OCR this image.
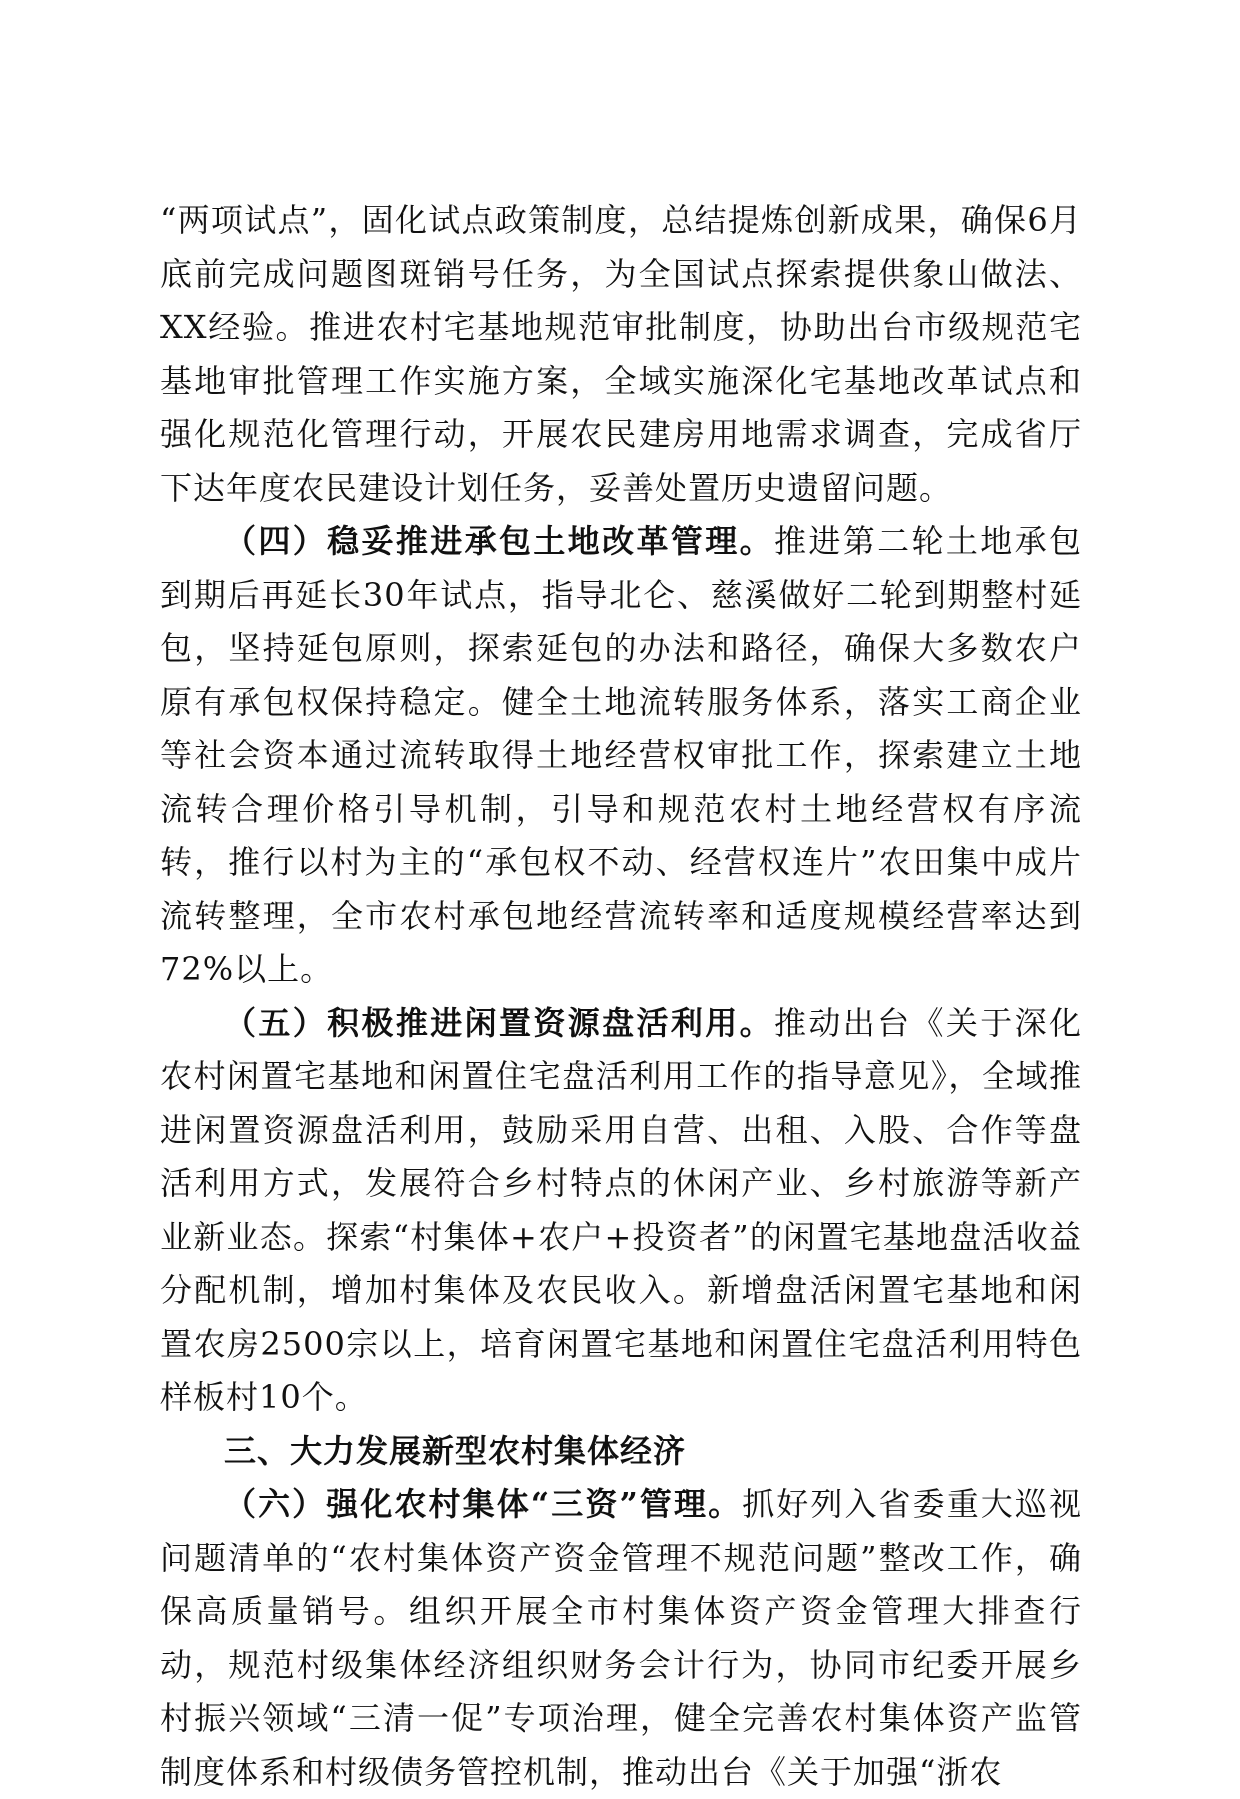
“两项试点”，固化试点政策制度，总结提炼创新成果，确保6月底前完成问题图斑销号任务，为全国试点探索提供象山做法、XX经验。推进农村宅基地规范审批制度，协助出台市级规范宅基地审批管理工作实施方案，全域实施深化宅基地改革试点和强化规范化管理行动，开展农民建房用地需求调查，完成省厅下达年度农民建设计划任务，妥善处置历史遗留问题。

（四）稳妥推进承包土地改革管理。推进第二轮土地承包到期后再延长30年试点，指导北仑、慈溪做好二轮到期整村延包，坚持延包原则，探索延包的办法和路径，确保大多数农户原有承包权保持稳定。健全土地流转服务体系，落实工商企业等社会资本通过流转取得土地经营权审批工作，探索建立土地流转合理价格引导机制，引导和规范农村土地经营权有序流转，推行以村为主的“承包权不动、经营权连片”农田集中成片流转整理，全市农村承包地经营流转率和适度规模经营率达到72%以上。

（五）积极推进闲置资源盘活利用。推动出台《关于深化农村闲置宅基地和闲置住宅盘活利用工作的指导意见》，全域推进闲置资源盘活利用，鼓励采用自营、出租、入股、合作等盘活利用方式，发展符合乡村特点的休闲产业、乡村旅游等新产业新业态。探索“村集体+农户+投资者”的闲置宅基地盘活收益分配机制，增加村集体及农民收入。新增盘活闲置宅基地和闲置农房2500宗以上，培育闲置宅基地和闲置住宅盘活利用特色样板村10个。

三、大力发展新型农村集体经济

（六）强化农村集体“三资”管理。抓好列入省委重大巡视问题清单的“农村集体资产资金管理不规范问题”整改工作，确保高质量销号。组织开展全市村集体资产资金管理大排查行动，规范村级集体经济组织财务会计行为，协同市纪委开展乡村振兴领域“三清一促”专项治理，健全完善农村集体资产监管制度体系和村级债务管控机制，推动出台《关于加强“浙农
